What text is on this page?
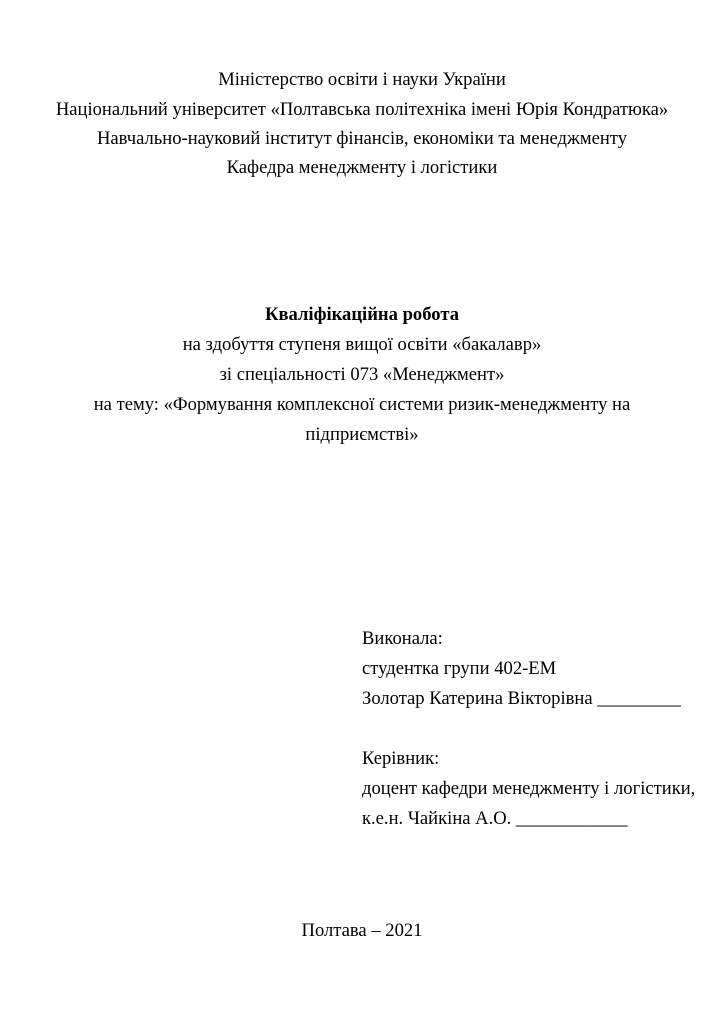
Міністерство освіти і науки України
Національний університет «Полтавська політехніка імені Юрія Кондратюка»
Навчально-науковий інститут фінансів, економіки та менеджменту
Кафедра менеджменту і логістики
Кваліфікаційна робота
на здобуття ступеня вищої освіти «бакалавр»
зі спеціальності 073 «Менеджмент»
на тему: «Формування комплексної системи ризик-менеджменту на
підприємстві»
Виконала:
студентка групи 402-ЕМ
Золотар Катерина Вікторівна _________
Керівник:
доцент кафедри менеджменту і логістики,
к.е.н. Чайкіна А.О. ____________
Полтава – 2021
